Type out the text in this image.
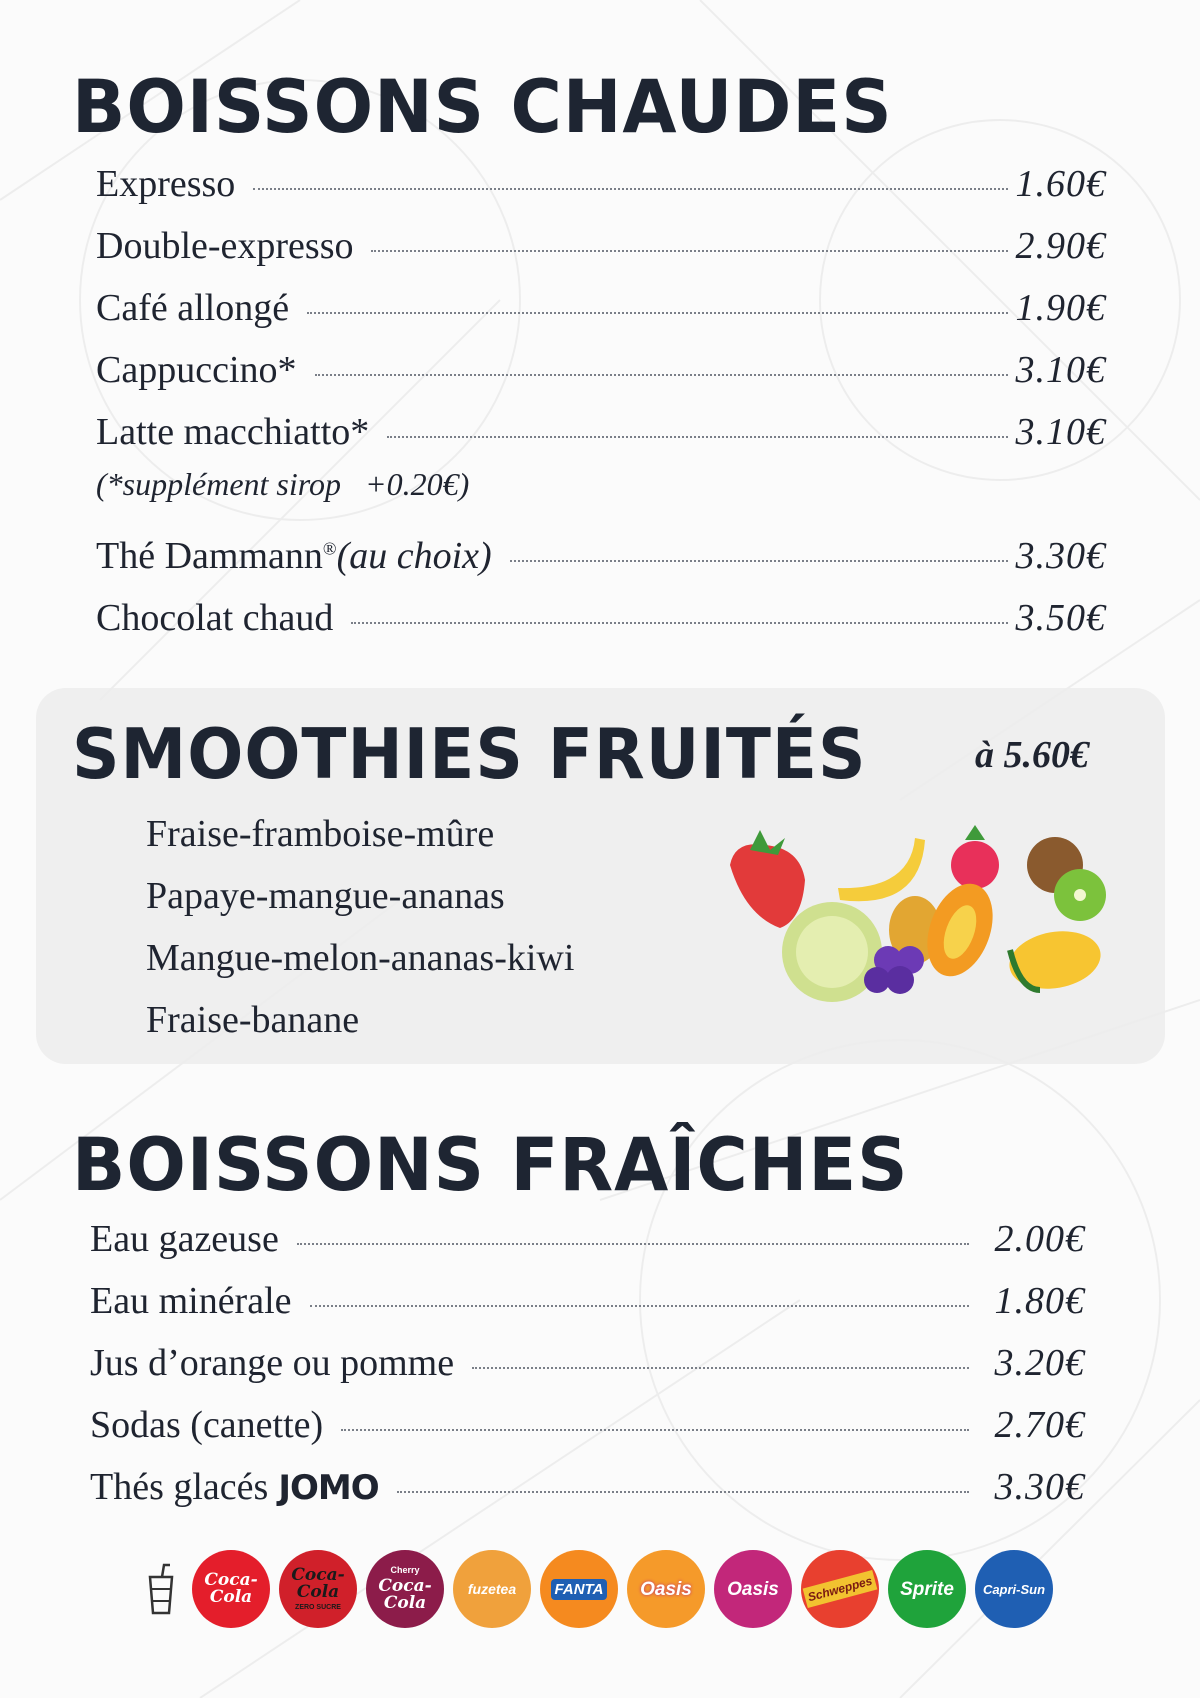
BOISSONS CHAUDES
Expresso	1.60€
Double-expresso	2.90€
Café allongé	1.90€
Cappuccino*	3.10€
Latte macchiatto*	3.10€
(*supplément sirop +0.20€)
Thé Dammann®(au choix)	3.30€
Chocolat chaud	3.50€
SMOOTHIES FRUITÉS	à 5.60€
Fraise-framboise-mûre
Papaye-mangue-ananas
Mangue-melon-ananas-kiwi
Fraise-banane
BOISSONS FRAÎCHES
Eau gazeuse	2.00€
Eau minérale	1.80€
Jus d’orange ou pomme	3.20€
Sodas (canette)	2.70€
Thés glacés JOMO	3.30€
Coca-Cola
Coca-Cola
ZERO SUCRE
Cherry
Coca-Cola
fuzetea	FANTA Oasis Oasis	Schweppes Sprite Capri-Sun
